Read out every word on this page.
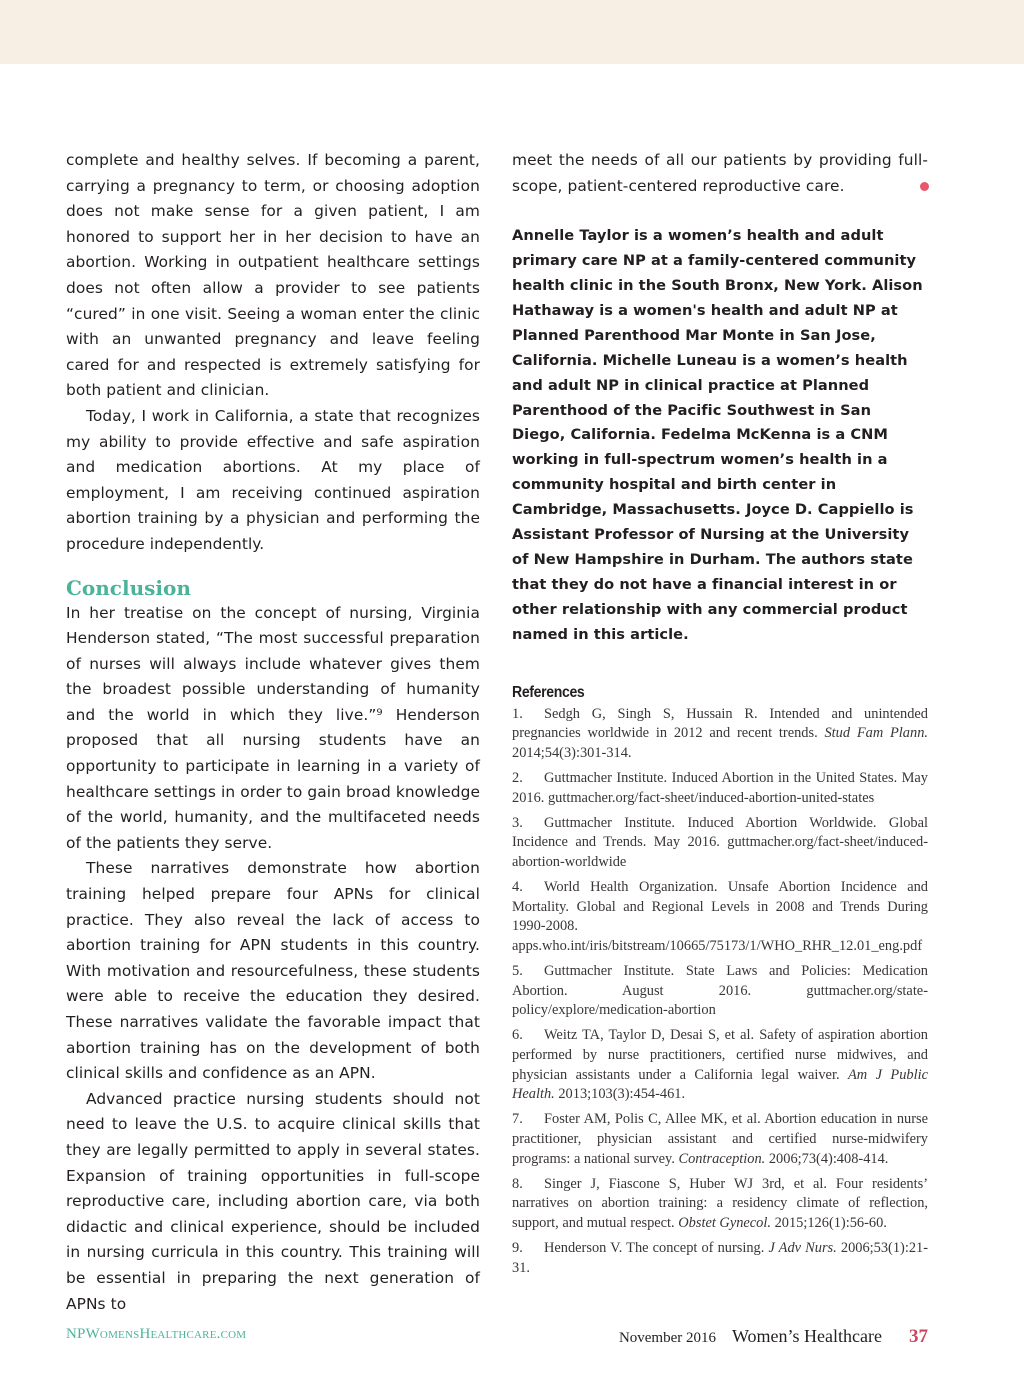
complete and healthy selves. If becoming a parent, carrying a pregnancy to term, or choosing adoption does not make sense for a given patient, I am honored to support her in her decision to have an abortion. Working in outpatient healthcare settings does not often allow a provider to see patients “cured” in one visit. Seeing a woman enter the clinic with an unwanted pregnancy and leave feeling cared for and respected is extremely satisfying for both patient and clinician.

Today, I work in California, a state that recognizes my ability to provide effective and safe aspiration and medication abortions. At my place of employment, I am receiving continued aspiration abortion training by a physician and performing the procedure independently.

Conclusion

In her treatise on the concept of nursing, Virginia Henderson stated, “The most successful preparation of nurses will always include whatever gives them the broadest possible understanding of humanity and the world in which they live.”⁹ Henderson proposed that all nursing students have an opportunity to participate in learning in a variety of healthcare settings in order to gain broad knowledge of the world, humanity, and the multifaceted needs of the patients they serve.

These narratives demonstrate how abortion training helped prepare four APNs for clinical practice. They also reveal the lack of access to abortion training for APN students in this country. With motivation and resourcefulness, these students were able to receive the education they desired. These narratives validate the favorable impact that abortion training has on the development of both clinical skills and confidence as an APN.

Advanced practice nursing students should not need to leave the U.S. to acquire clinical skills that they are legally permitted to apply in several states. Expansion of training opportunities in full-scope reproductive care, including abortion care, via both didactic and clinical experience, should be included in nursing curricula in this country. This training will be essential in preparing the next generation of APNs to

meet the needs of all our patients by providing full-scope, patient-centered reproductive care.

Annelle Taylor is a women’s health and adult primary care NP at a family-centered community health clinic in the South Bronx, New York. Alison Hathaway is a women's health and adult NP at Planned Parenthood Mar Monte in San Jose, California. Michelle Luneau is a women’s health and adult NP in clinical practice at Planned Parenthood of the Pacific Southwest in San Diego, California. Fedelma McKenna is a CNM working in full-spectrum women’s health in a community hospital and birth center in Cambridge, Massachusetts. Joyce D. Cappiello is Assistant Professor of Nursing at the University of New Hampshire in Durham. The authors state that they do not have a financial interest in or other relationship with any commercial product named in this article.
References

1. Sedgh G, Singh S, Hussain R. Intended and unintended pregnancies worldwide in 2012 and recent trends. Stud Fam Plann. 2014;54(3):301-314.

2. Guttmacher Institute. Induced Abortion in the United States. May 2016. guttmacher.org/fact-sheet/induced-abortion-united-states

3. Guttmacher Institute. Induced Abortion Worldwide. Global Incidence and Trends. May 2016. guttmacher.org/fact-sheet/induced-abortion-worldwide

4. World Health Organization. Unsafe Abortion Incidence and Mortality. Global and Regional Levels in 2008 and Trends During 1990-2008. apps.who.int/iris/bitstream/10665/75173/1/WHO_RHR_12.01_eng.pdf

5. Guttmacher Institute. State Laws and Policies: Medication Abortion. August 2016. guttmacher.org/state-policy/explore/medication-abortion

6. Weitz TA, Taylor D, Desai S, et al. Safety of aspiration abortion performed by nurse practitioners, certified nurse midwives, and physician assistants under a California legal waiver. Am J Public Health. 2013;103(3):454-461.

7. Foster AM, Polis C, Allee MK, et al. Abortion education in nurse practitioner, physician assistant and certified nurse-midwifery programs: a national survey. Contraception. 2006;73(4):408-414.

8. Singer J, Fiascone S, Huber WJ 3rd, et al. Four residents’ narratives on abortion training: a residency climate of reflection, support, and mutual respect. Obstet Gynecol. 2015;126(1):56-60.

9. Henderson V. The concept of nursing. J Adv Nurs. 2006;53(1):21-31.

NPWomensHealthcare.com	November 2016 Women’s Healthcare 37
